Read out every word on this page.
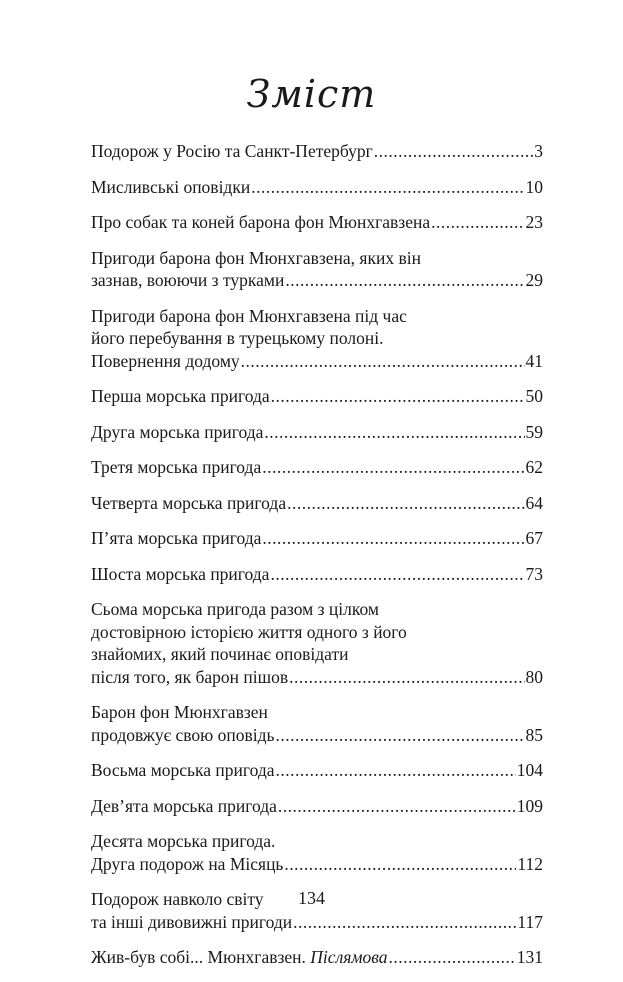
Зміст
Подорож у Росію та Санкт-Петербург .....	3
Мисливські оповідки .....	10
Про собак та коней барона фон Мюнхгавзена .....	23
Пригоди барона фон Мюнхгавзена, яких він
зазнав, воюючи з турками .....	29
Пригоди барона фон Мюнхгавзена під час
його перебування в турецькому полоні.
Повернення додому .....	41
Перша морська пригода .....	50
Друга морська пригода .....	59
Третя морська пригода .....	62
Четверта морська пригода .....	64
П’ята морська пригода .....	67
Шоста морська пригода .....	73
Сьома морська пригода разом з цілком
достовірною історією життя одного з його
знайомих, який починає оповідати
після того, як барон пішов .....	80
Барон фон Мюнхгавзен
продовжує свою оповідь .....	85
Восьма морська пригода .....	104
Дев’ята морська пригода .....	109
Десята морська пригода.
Друга подорож на Місяць .....	112
Подорож навколо світу
та інші дивовижні пригоди .....	117
Жив-був собі... Мюнхгавзен. Післямова .....	131
134
